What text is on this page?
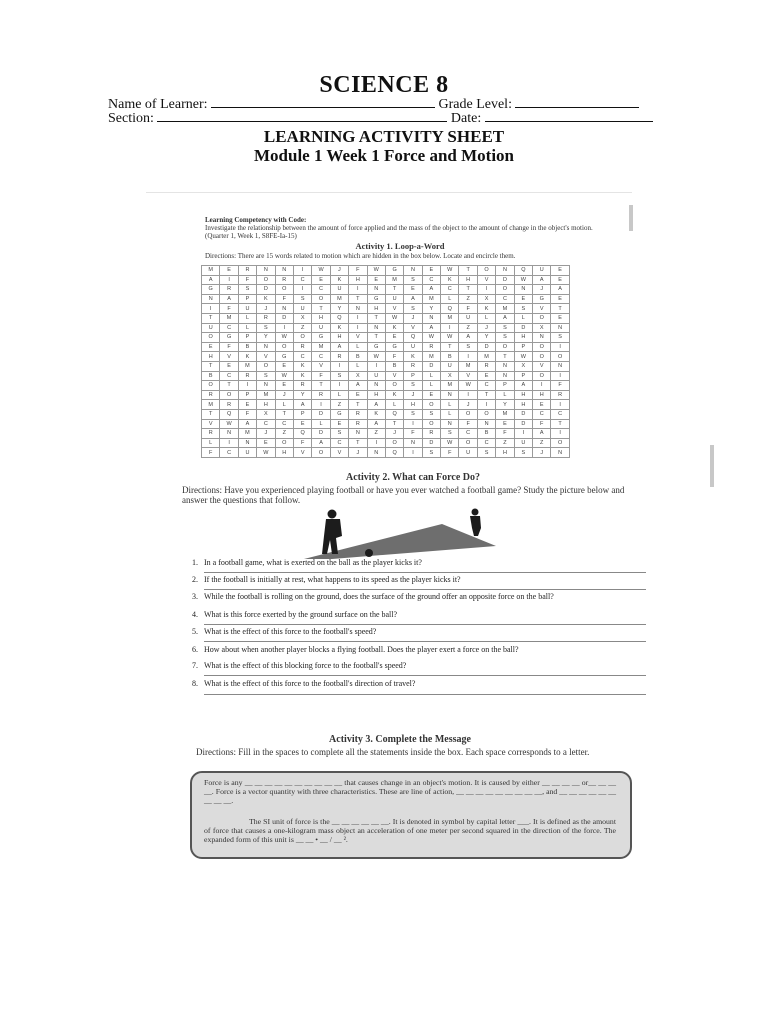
SCIENCE 8
Name of Learner:	Grade Level:
Section:	Date:
LEARNING ACTIVITY SHEET
Module 1 Week 1 Force and Motion
Learning Competency with Code:
Investigate the relationship between the amount of force applied and the mass of the object to the amount of change in the object's motion. (Quarter 1, Week 1, S8FE-Ia-15)
Activity 1. Loop-a-Word
Directions: There are 15 words related to motion which are hidden in the box below. Locate and encircle them.
M	E	R	N	N	I	W	J	F	W	G	N	E	W	T	O	N	Q	U	E
A	I	F	O	R	C	E	K	H	E	M	S	C	K	H	V	D	W	A	E
G	R	S	D	O	I	C	U	I	N	T	E	A	C	T	I	O	N	J	A
N	A	P	K	F	S	O	M	T	G	U	A	M	L	Z	X	C	E	G	E
I	F	U	J	N	U	T	Y	N	H	V	S	Y	Q	F	K	M	S	V	T
T	M	L	R	D	X	H	Q	I	T	W	J	N	M	U	L	A	L	O	E
U	C	L	S	I	Z	U	K	I	N	K	V	A	I	Z	J	S	D	X	N
O	G	P	Y	W	O	G	H	V	T	E	Q	W	W	A	Y	S	H	N	S
E	F	B	N	O	R	M	A	L	G	G	U	R	T	S	D	O	P	O	I
H	V	K	V	G	C	C	R	B	W	F	K	M	B	I	M	T	W	O	O
T	E	M	O	E	K	V	I	L	I	B	R	D	U	M	R	N	X	V	N
B	C	R	S	W	K	F	S	X	U	V	P	L	X	V	E	N	P	O	I
O	T	I	N	E	R	T	I	A	N	O	S	L	M	W	C	P	A	I	F
R	O	P	M	J	Y	R	L	E	H	K	J	E	N	I	T	L	H	H	R
M	R	E	H	L	A	I	Z	T	A	L	H	O	L	J	I	Y	H	E	I
T	Q	F	X	T	P	D	G	R	K	Q	S	S	L	O	O	M	D	C	C
V	W	A	C	C	E	L	E	R	A	T	I	O	N	F	N	E	D	F	T
R	N	M	J	Z	Q	D	S	N	Z	J	F	R	S	C	B	F	I	A	I
L	I	N	E	O	F	A	C	T	I	O	N	D	W	O	C	Z	U	Z	O
F	C	U	W	H	V	O	V	J	N	Q	I	S	F	U	S	H	S	J	N
Activity 2. What can Force Do?
Directions: Have you experienced playing football or have you ever watched a football game? Study the picture below and answer the questions that follow.
1. In a football game, what is exerted on the ball as the player kicks it?
2. If the football is initially at rest, what happens to its speed as the player kicks it?
3. While the football is rolling on the ground, does the surface of the ground offer an opposite force on the ball?
4. What is this force exerted by the ground surface on the ball?
5. What is the effect of this force to the football's speed?
6. How about when another player blocks a flying football. Does the player exert a force on the ball?
7. What is the effect of this blocking force to the football's speed?
8. What is the effect of this force to the football's direction of travel?
Activity 3. Complete the Message
Directions: Fill in the spaces to complete all the statements inside the box. Each space corresponds to a letter.
Force is any __ __ __ __ __ __ __ __ __ __ that causes change in an object's motion. It is caused by either __ __ __ __ or__ __ __ __. Force is a vector quantity with three characteristics. These are line of action, __ __ __ __ __ __ __ __ __, and __ __ __ __ __ __ __ __ __.
The SI unit of force is the __ __ __ __ __ __. It is denoted in symbol by capital letter ___. It is defined as the amount of force that causes a one-kilogram mass object an acceleration of one meter per second squared in the direction of the force. The expanded form of this unit is __ __ • __ / __ ².
